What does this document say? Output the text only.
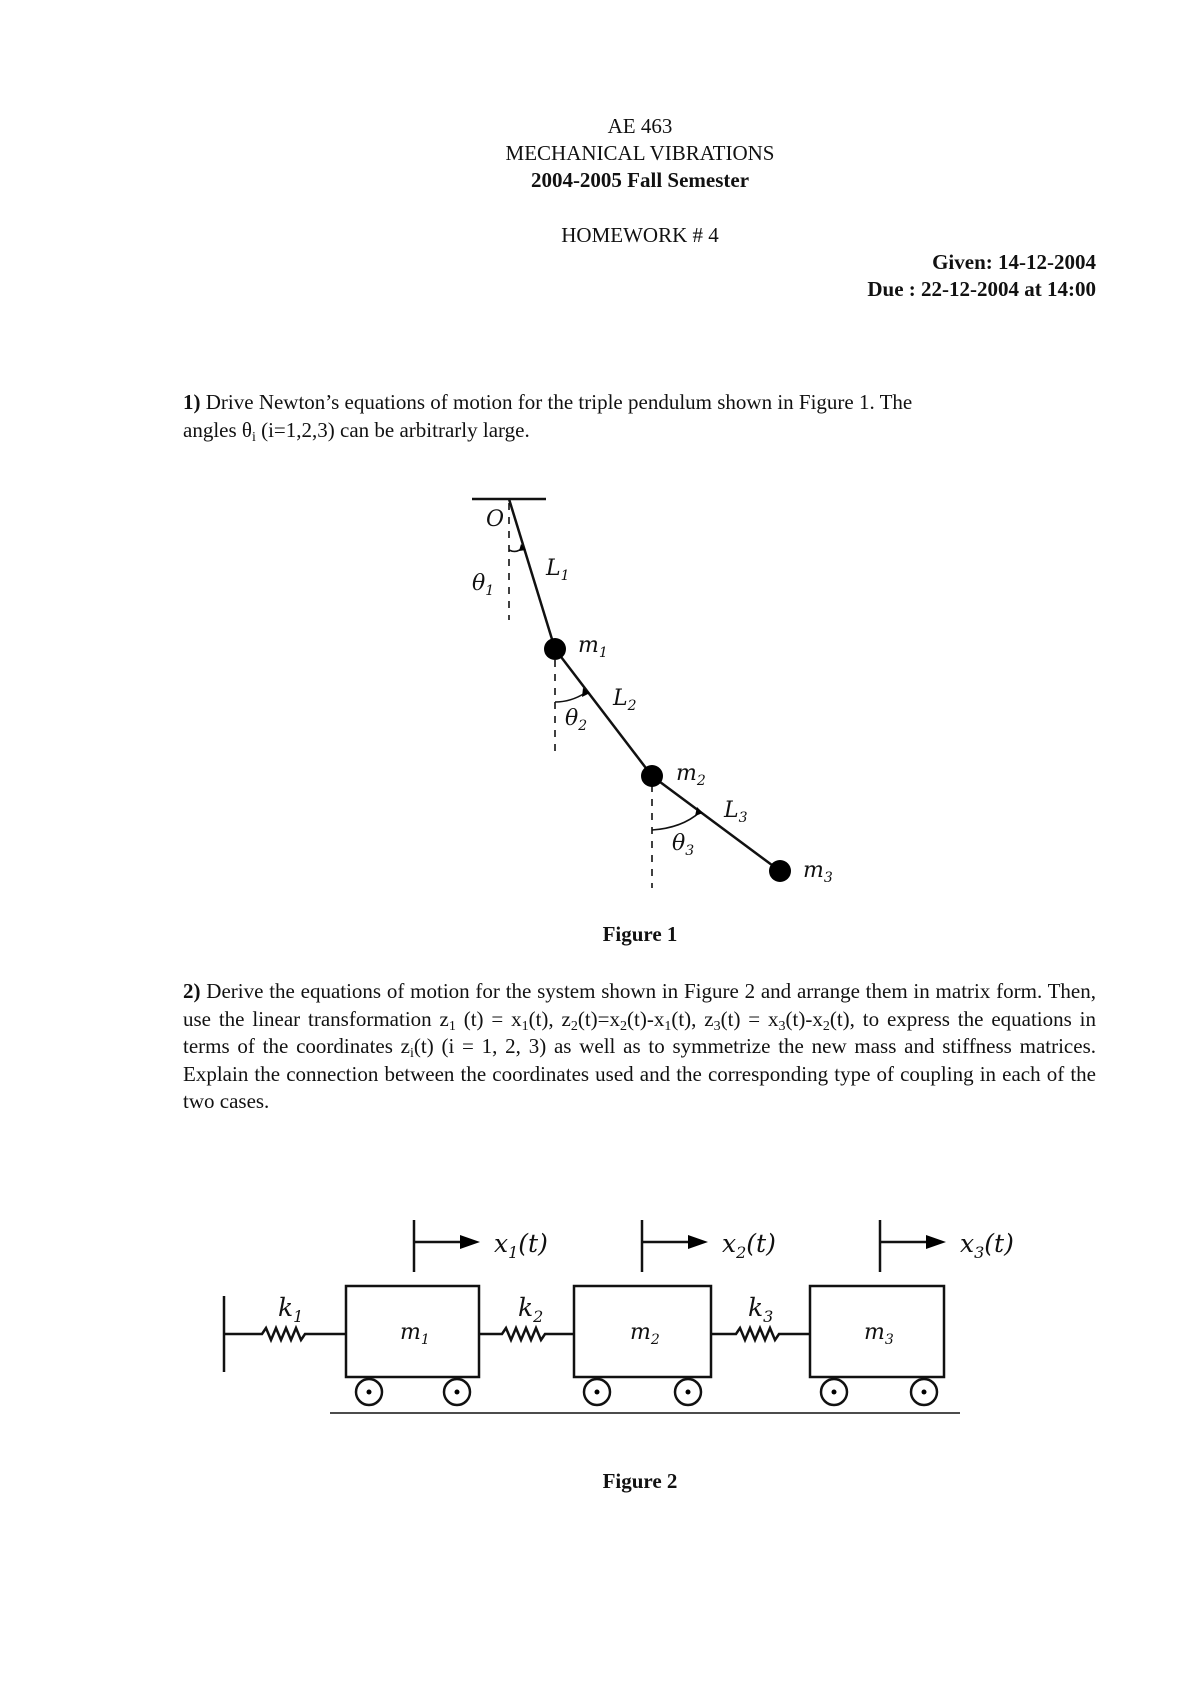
AE 463
MECHANICAL VIBRATIONS
2004-2005 Fall Semester
HOMEWORK # 4
Given: 14-12-2004
Due : 22-12-2004 at 14:00
1) Drive Newton’s equations of motion for the triple pendulum shown in Figure 1. The
angles $\theta_i$ (i=1,2,3) can be arbitrarly large.
O
$L_1$
$\theta_1$
$m_1$
$L_2$
$\theta_2$
$m_2$
$L_3$
$\theta_3$
$m_3$
Figure 1
2) Derive the equations of motion for the system shown in Figure 2 and arrange them in matrix form. Then, use the linear transformation $z_1$ $(t) = x_1(t)$, $z_2(t)=x_2(t)-x_1(t)$, $z_3(t) = x_3(t)-x_2(t)$, to express the equations in terms of the coordinates $z_i(t) (i = 1$, 2, 3) as well as to symmetrize the new mass and stiffness matrices. Explain the connection between the coordinates used and the corresponding type of coupling in each of the two cases.
$x_1(t)$	$x_2(t)$	$x_3(t)$
$k_1$	$k_2$	$k_3$
$m_1$	$m_2$	$m_3$
Figure 2
